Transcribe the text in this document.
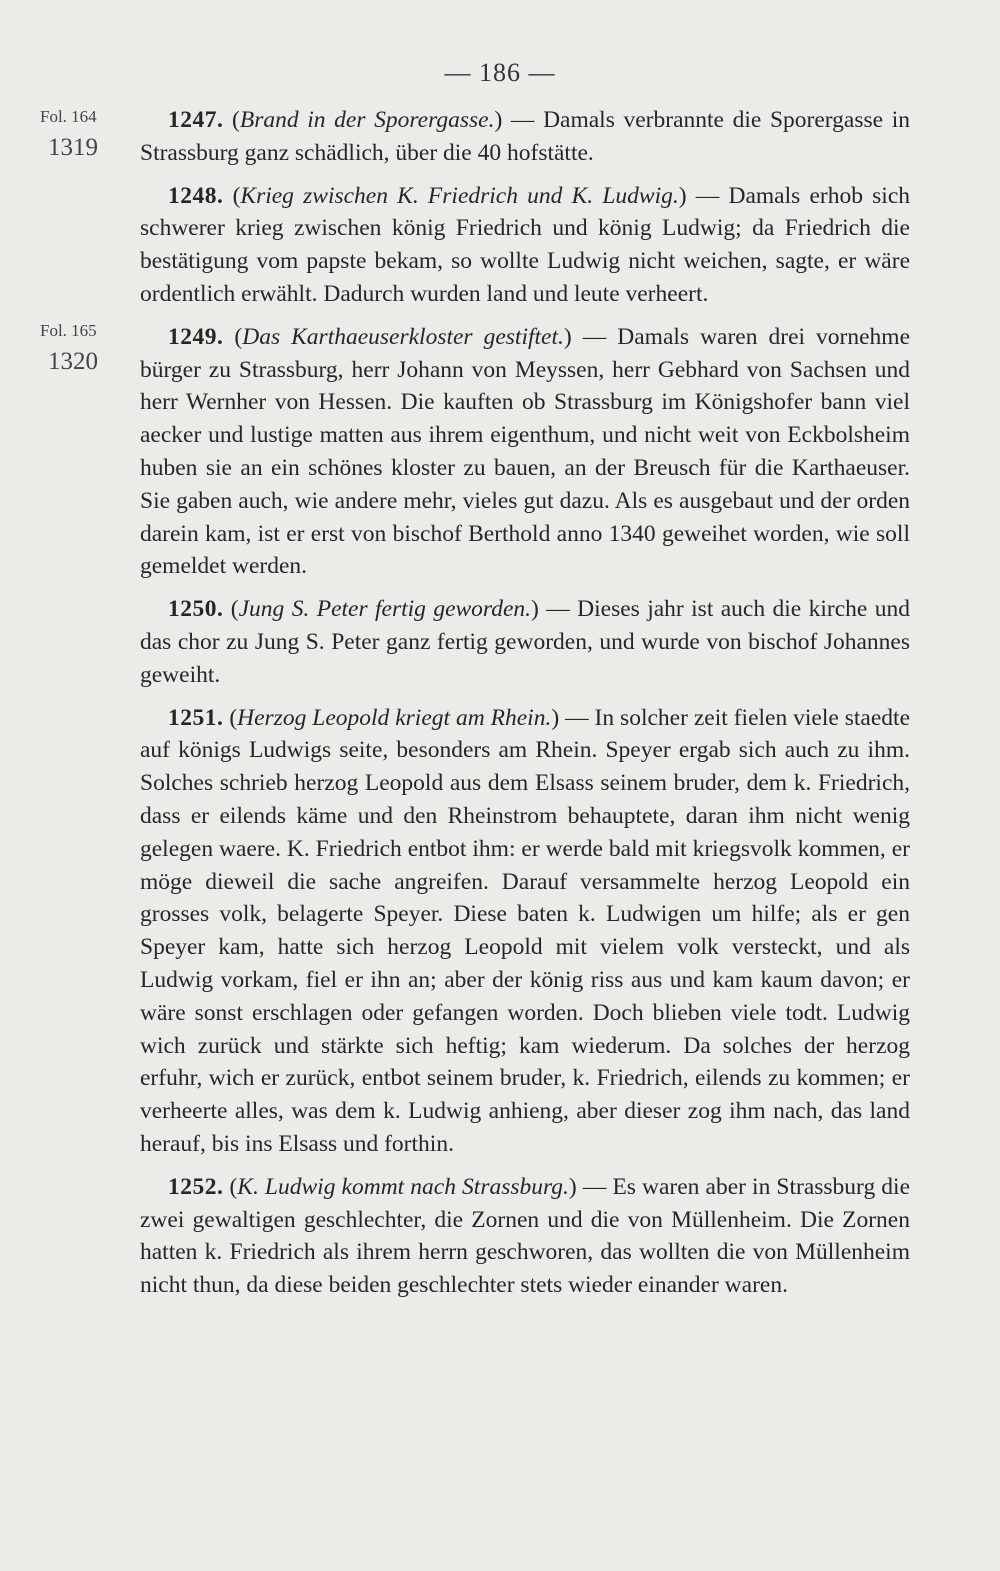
— 186 —
Fol. 164
1319
Fol. 165
1320

1247. (Brand in der Sporergasse.) — Damals verbrannte die Sporergasse in Strassburg ganz schädlich, über die 40 hofstätte.

1248. (Krieg zwischen K. Friedrich und K. Ludwig.) — Damals erhob sich schwerer krieg zwischen könig Friedrich und könig Ludwig; da Friedrich die bestätigung vom papste bekam, so wollte Ludwig nicht weichen, sagte, er wäre ordentlich erwählt. Dadurch wurden land und leute verheert.

1249. (Das Karthaeuserkloster gestiftet.) — Damals waren drei vornehme bürger zu Strassburg, herr Johann von Meyssen, herr Gebhard von Sachsen und herr Wernher von Hessen. Die kauften ob Strassburg im Königshofer bann viel aecker und lustige matten aus ihrem eigenthum, und nicht weit von Eckbolsheim huben sie an ein schönes kloster zu bauen, an der Breusch für die Karthaeuser. Sie gaben auch, wie andere mehr, vieles gut dazu. Als es ausgebaut und der orden darein kam, ist er erst von bischof Berthold anno 1340 geweihet worden, wie soll gemeldet werden.

1250. (Jung S. Peter fertig geworden.) — Dieses jahr ist auch die kirche und das chor zu Jung S. Peter ganz fertig geworden, und wurde von bischof Johannes geweiht.

1251. (Herzog Leopold kriegt am Rhein.) — In solcher zeit fielen viele staedte auf königs Ludwigs seite, besonders am Rhein. Speyer ergab sich auch zu ihm. Solches schrieb herzog Leopold aus dem Elsass seinem bruder, dem k. Friedrich, dass er eilends käme und den Rheinstrom behauptete, daran ihm nicht wenig gelegen waere. K. Friedrich entbot ihm: er werde bald mit kriegsvolk kommen, er möge dieweil die sache angreifen. Darauf versammelte herzog Leopold ein grosses volk, belagerte Speyer. Diese baten k. Ludwigen um hilfe; als er gen Speyer kam, hatte sich herzog Leopold mit vielem volk versteckt, und als Ludwig vorkam, fiel er ihn an; aber der könig riss aus und kam kaum davon; er wäre sonst erschlagen oder gefangen worden. Doch blieben viele todt. Ludwig wich zurück und stärkte sich heftig; kam wiederum. Da solches der herzog erfuhr, wich er zurück, entbot seinem bruder, k. Friedrich, eilends zu kommen; er verheerte alles, was dem k. Ludwig anhieng, aber dieser zog ihm nach, das land herauf, bis ins Elsass und forthin.

1252. (K. Ludwig kommt nach Strassburg.) — Es waren aber in Strassburg die zwei gewaltigen geschlechter, die Zornen und die von Müllenheim. Die Zornen hatten k. Friedrich als ihrem herrn geschworen, das wollten die von Müllenheim nicht thun, da diese beiden geschlechter stets wieder einander waren.
